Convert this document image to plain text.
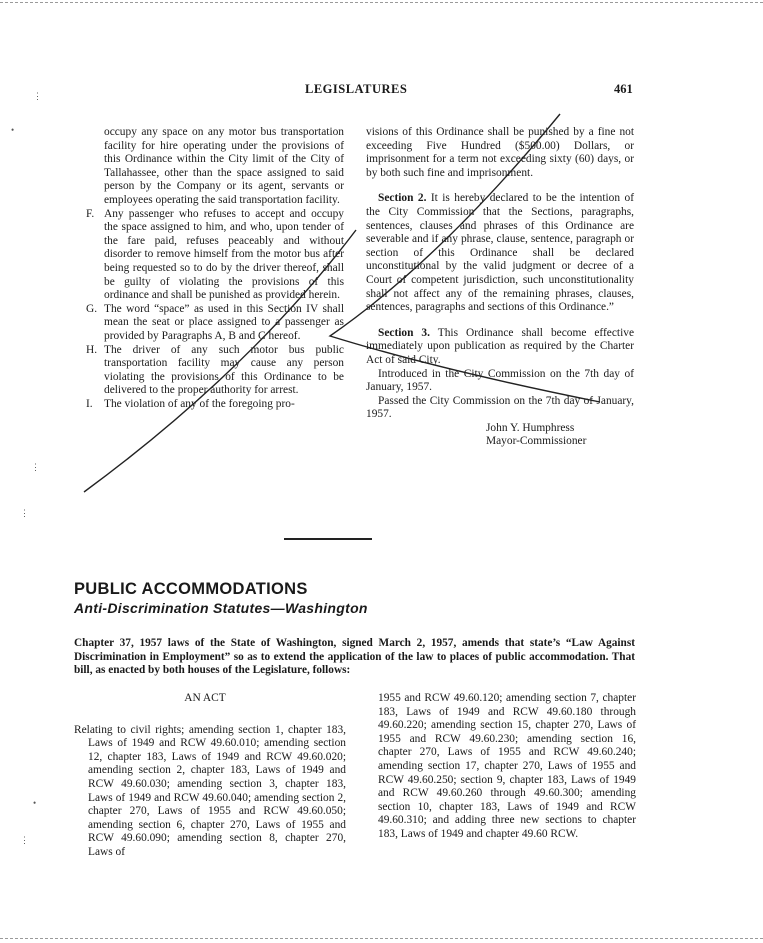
LEGISLATURES	461

occupy any space on any motor bus transportation facility for hire operating under the provisions of this Ordinance within the City limit of the City of Tallahassee, other than the space assigned to said person by the Company or its agent, servants or employees operating the said transportation facility.

F. Any passenger who refuses to accept and occupy the space assigned to him, and who, upon tender of the fare paid, refuses peaceably and without disorder to remove himself from the motor bus after being requested so to do by the driver thereof, shall be guilty of violating the provisions of this ordinance and shall be punished as provided herein.

G. The word “space” as used in this Section IV shall mean the seat or place assigned to a passenger as provided by Paragraphs A, B and C hereof.

H. The driver of any such motor bus public transportation facility may cause any person violating the provisions of this Ordinance to be delivered to the proper authority for arrest.

I. The violation of any of the foregoing pro-

visions of this Ordinance shall be punished by a fine not exceeding Five Hundred ($500.00) Dollars, or imprisonment for a term not exceeding sixty (60) days, or by both such fine and imprisonment.

Section 2. It is hereby declared to be the intention of the City Commission that the Sections, paragraphs, sentences, clauses and phrases of this Ordinance are severable and if any phrase, clause, sentence, paragraph or section of this Ordinance shall be declared unconstitutional by the valid judgment or decree of a Court of competent jurisdiction, such unconstitutionality shall not affect any of the remaining phrases, clauses, sentences, paragraphs and sections of this Ordinance.”

Section 3. This Ordinance shall become effective immediately upon publication as required by the Charter Act of said City.

Introduced in the City Commission on the 7th day of January, 1957.

Passed the City Commission on the 7th day of January, 1957.

John Y. Humphress

Mayor-Commissioner

PUBLIC ACCOMMODATIONS
Anti-Discrimination Statutes—Washington

Chapter 37, 1957 laws of the State of Washington, signed March 2, 1957, amends that state’s “Law Against Discrimination in Employment” so as to extend the application of the law to places of public accommodation. That bill, as enacted by both houses of the Legislature, follows:

AN ACT

Relating to civil rights; amending section 1, chapter 183, Laws of 1949 and RCW 49.60.010; amending section 12, chapter 183, Laws of 1949 and RCW 49.60.020; amending section 2, chapter 183, Laws of 1949 and RCW 49.60.030; amending section 3, chapter 183, Laws of 1949 and RCW 49.60.040; amending section 2, chapter 270, Laws of 1955 and RCW 49.60.050; amending section 6, chapter 270, Laws of 1955 and RCW 49.60.090; amending section 8, chapter 270, Laws of

1955 and RCW 49.60.120; amending section 7, chapter 183, Laws of 1949 and RCW 49.60.180 through 49.60.220; amending section 15, chapter 270, Laws of 1955 and RCW 49.60.230; amending section 16, chapter 270, Laws of 1955 and RCW 49.60.240; amending section 17, chapter 270, Laws of 1955 and RCW 49.60.250; section 9, chapter 183, Laws of 1949 and RCW 49.60.260 through 49.60.300; amending section 10, chapter 183, Laws of 1949 and RCW 49.60.310; and adding three new sections to chapter 183, Laws of 1949 and chapter 49.60 RCW.

⋮
•
⋮
⋮
•
⋮
